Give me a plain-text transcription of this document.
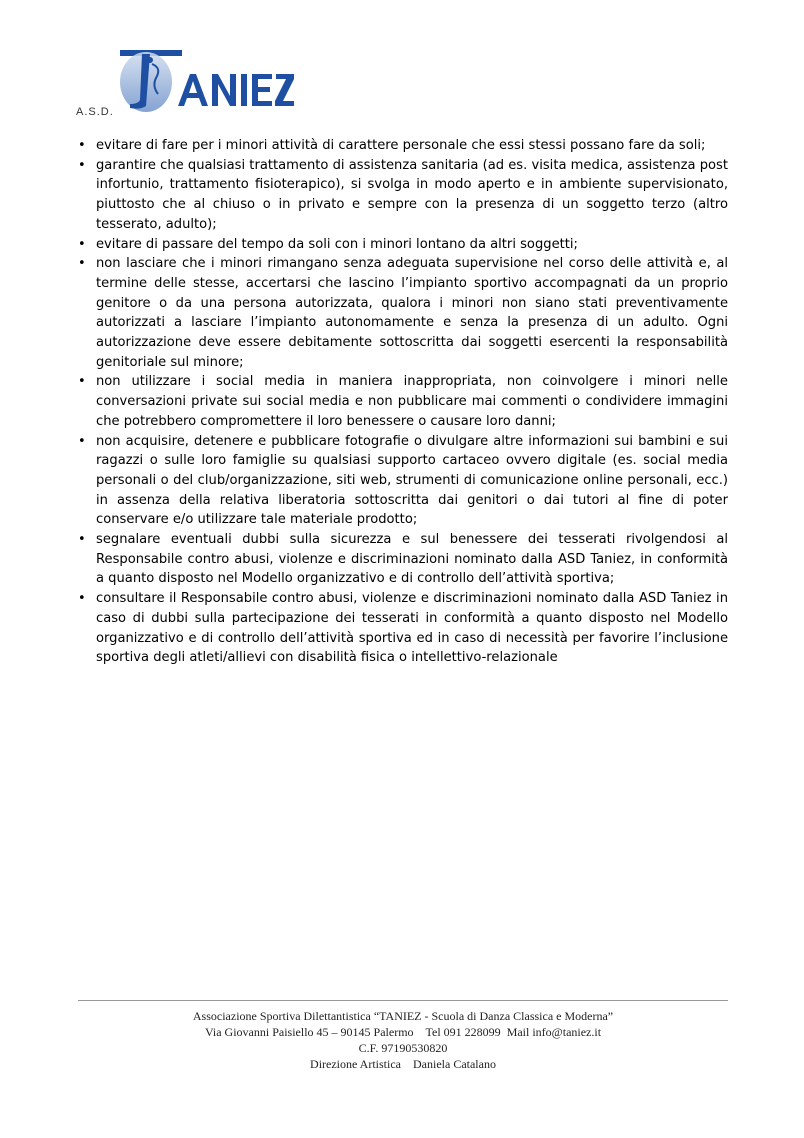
A.S.D.
• evitare di fare per i minori attività di carattere personale che essi stessi possano fare da soli;
• garantire che qualsiasi trattamento di assistenza sanitaria (ad es. visita medica, assistenza post infortunio, trattamento fisioterapico), si svolga in modo aperto e in ambiente supervisionato, piuttosto che al chiuso o in privato e sempre con la presenza di un soggetto terzo (altro tesserato, adulto);
• evitare di passare del tempo da soli con i minori lontano da altri soggetti;
• non lasciare che i minori rimangano senza adeguata supervisione nel corso delle attività e, al termine delle stesse, accertarsi che lascino l’impianto sportivo accompagnati da un proprio genitore o da una persona autorizzata, qualora i minori non siano stati preventivamente autorizzati a lasciare l’impianto autonomamente e senza la presenza di un adulto. Ogni autorizzazione deve essere debitamente sottoscritta dai soggetti esercenti la responsabilità genitoriale sul minore;
• non utilizzare i social media in maniera inappropriata, non coinvolgere i minori nelle conversazioni private sui social media e non pubblicare mai commenti o condividere immagini che potrebbero compromettere il loro benessere o causare loro danni;
• non acquisire, detenere e pubblicare fotografie o divulgare altre informazioni sui bambini e sui ragazzi o sulle loro famiglie su qualsiasi supporto cartaceo ovvero digitale (es. social media personali o del club/organizzazione, siti web, strumenti di comunicazione online personali, ecc.) in assenza della relativa liberatoria sottoscritta dai genitori o dai tutori al fine di poter conservare e/o utilizzare tale materiale prodotto;
• segnalare eventuali dubbi sulla sicurezza e sul benessere dei tesserati rivolgendosi al Responsabile contro abusi, violenze e discriminazioni nominato dalla ASD Taniez, in conformità a quanto disposto nel Modello organizzativo e di controllo dell’attività sportiva;
• consultare il Responsabile contro abusi, violenze e discriminazioni nominato dalla ASD Taniez in caso di dubbi sulla partecipazione dei tesserati in conformità a quanto disposto nel Modello organizzativo e di controllo dell’attività sportiva ed in caso di necessità per favorire l’inclusione sportiva degli atleti/allievi con disabilità fisica o intellettivo-relazionale
Associazione Sportiva Dilettantistica “TANIEZ - Scuola di Danza Classica e Moderna”
Via Giovanni Paisiello 45 – 90145 Palermo Tel 091 228099 Mail info@taniez.it
C.F. 97190530820
Direzione Artistica Daniela Catalano
